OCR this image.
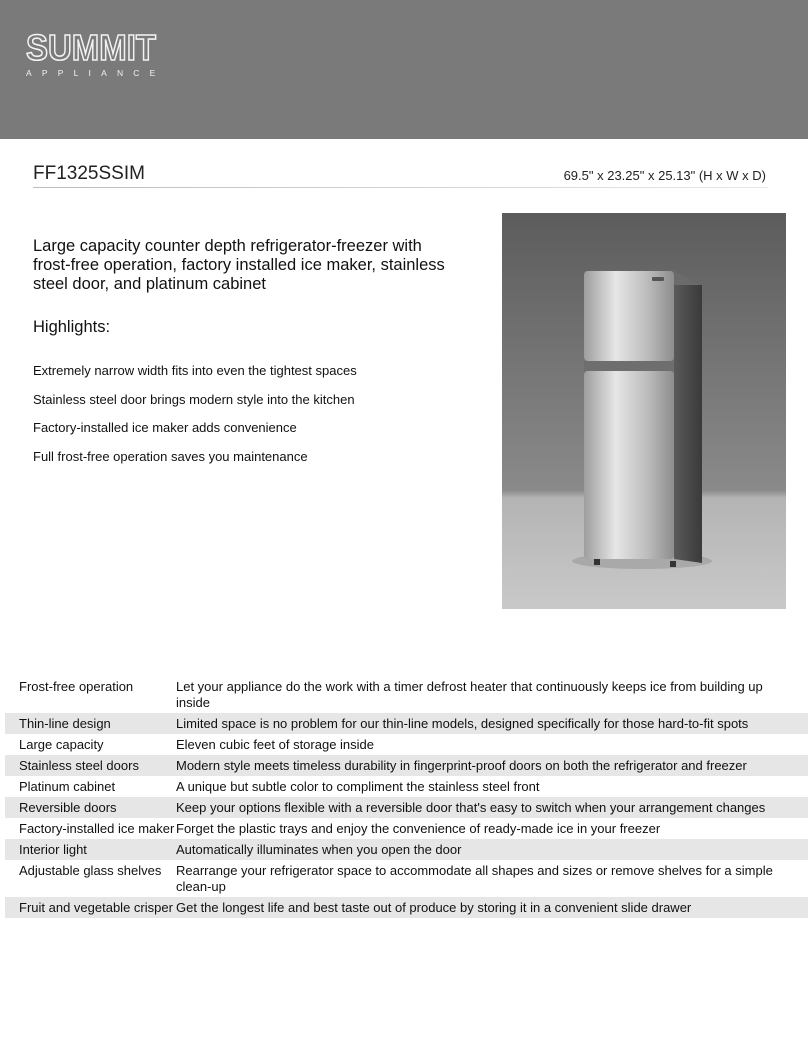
SUMMIT
APPLIANCE
FF1325SSIM	69.5" x 23.25" x 25.13" (H x W x D)
Large capacity counter depth refrigerator-freezer with frost-free operation, factory installed ice maker, stainless steel door, and platinum cabinet
Highlights:
Extremely narrow width fits into even the tightest spaces
Stainless steel door brings modern style into the kitchen
Factory-installed ice maker adds convenience
Full frost-free operation saves you maintenance
Frost-free operation	Let your appliance do the work with a timer defrost heater that continuously keeps ice from building up inside
Thin-line design	Limited space is no problem for our thin-line models, designed specifically for those hard-to-fit spots
Large capacity	Eleven cubic feet of storage inside
Stainless steel doors	Modern style meets timeless durability in fingerprint-proof doors on both the refrigerator and freezer
Platinum cabinet	A unique but subtle color to compliment the stainless steel front
Reversible doors	Keep your options flexible with a reversible door that's easy to switch when your arrangement changes
Factory-installed ice maker Forget the plastic trays and enjoy the convenience of ready-made ice in your freezer
Interior light	Automatically illuminates when you open the door
Adjustable glass shelves	Rearrange your refrigerator space to accommodate all shapes and sizes or remove shelves for a simple clean-up
Fruit and vegetable crisper Get the longest life and best taste out of produce by storing it in a convenient slide drawer
